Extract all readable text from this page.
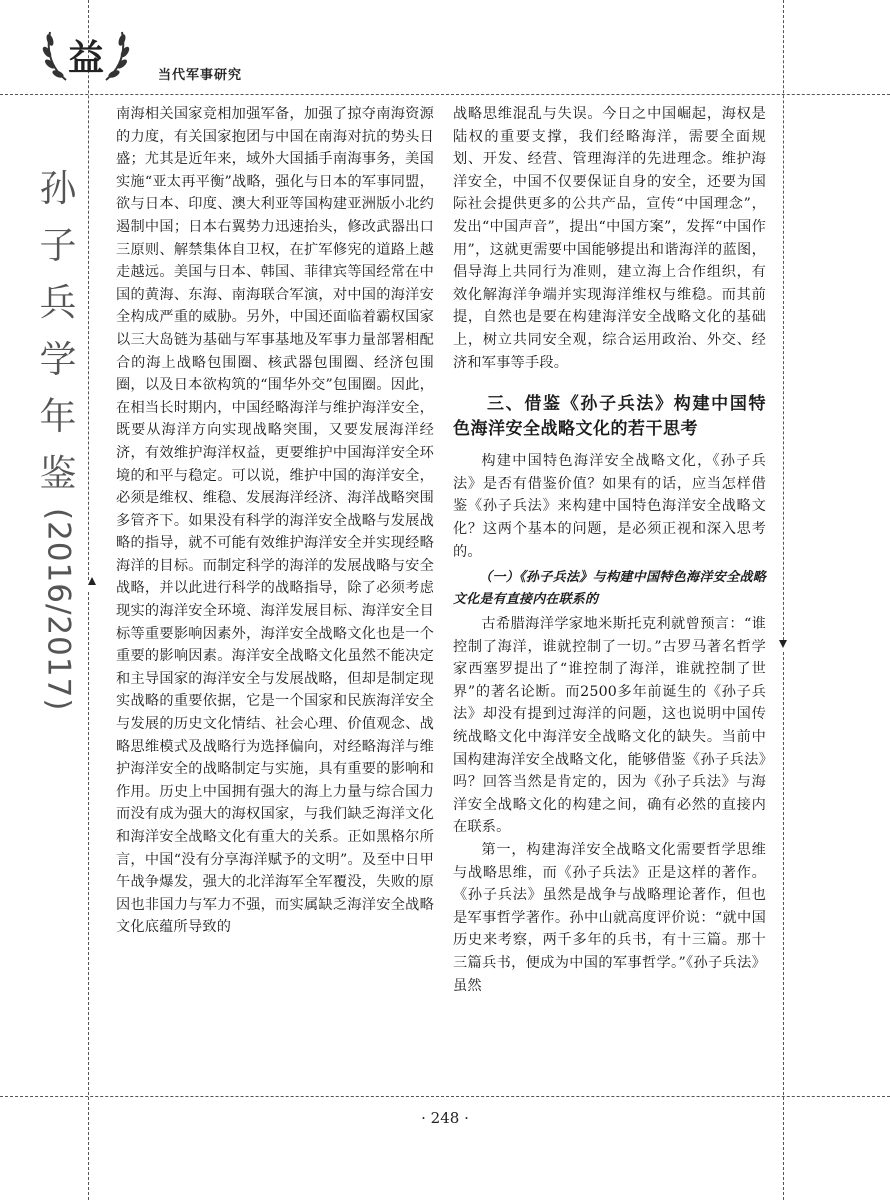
益	当代军事研究
孙
子
兵
学
年
鉴
(2016/2017)

南海相关国家竞相加强军备，加强了掠夺南海资源的力度，有关国家抱团与中国在南海对抗的势头日盛；尤其是近年来，域外大国插手南海事务，美国实施“亚太再平衡”战略，强化与日本的军事同盟，欲与日本、印度、澳大利亚等国构建亚洲版小北约遏制中国；日本右翼势力迅速抬头，修改武器出口三原则、解禁集体自卫权，在扩军修宪的道路上越走越远。美国与日本、韩国、菲律宾等国经常在中国的黄海、东海、南海联合军演，对中国的海洋安全构成严重的威胁。另外，中国还面临着霸权国家以三大岛链为基础与军事基地及军事力量部署相配合的海上战略包围圈、核武器包围圈、经济包围圈，以及日本欲构筑的“围华外交”包围圈。因此，在相当长时期内，中国经略海洋与维护海洋安全，既要从海洋方向实现战略突围，又要发展海洋经济，有效维护海洋权益，更要维护中国海洋安全环境的和平与稳定。可以说，维护中国的海洋安全，必须是维权、维稳、发展海洋经济、海洋战略突围多管齐下。如果没有科学的海洋安全战略与发展战略的指导，就不可能有效维护海洋安全并实现经略海洋的目标。而制定科学的海洋的发展战略与安全战略，并以此进行科学的战略指导，除了必须考虑现实的海洋安全环境、海洋发展目标、海洋安全目标等重要影响因素外，海洋安全战略文化也是一个重要的影响因素。海洋安全战略文化虽然不能决定和主导国家的海洋安全与发展战略，但却是制定现实战略的重要依据，它是一个国家和民族海洋安全与发展的历史文化情结、社会心理、价值观念、战略思维模式及战略行为选择偏向，对经略海洋与维护海洋安全的战略制定与实施，具有重要的影响和作用。历史上中国拥有强大的海上力量与综合国力而没有成为强大的海权国家，与我们缺乏海洋文化和海洋安全战略文化有重大的关系。正如黑格尔所言，中国“没有分享海洋赋予的文明”。及至中日甲午战争爆发，强大的北洋海军全军覆没，失败的原因也非国力与军力不强，而实属缺乏海洋安全战略文化底蕴所导致的

战略思维混乱与失误。今日之中国崛起，海权是陆权的重要支撑，我们经略海洋，需要全面规划、开发、经营、管理海洋的先进理念。维护海洋安全，中国不仅要保证自身的安全，还要为国际社会提供更多的公共产品，宣传“中国理念”，发出“中国声音”，提出“中国方案”，发挥“中国作用”，这就更需要中国能够提出和谐海洋的蓝图，倡导海上共同行为准则，建立海上合作组织，有效化解海洋争端并实现海洋维权与维稳。而其前提，自然也是要在构建海洋安全战略文化的基础上，树立共同安全观，综合运用政治、外交、经济和军事等手段。

三、借鉴《孙子兵法》构建中国特色海洋安全战略文化的若干思考

构建中国特色海洋安全战略文化，《孙子兵法》是否有借鉴价值？如果有的话，应当怎样借鉴《孙子兵法》来构建中国特色海洋安全战略文化？这两个基本的问题，是必须正视和深入思考的。

（一）《孙子兵法》与构建中国特色海洋安全战略文化是有直接内在联系的

古希腊海洋学家地米斯托克利就曾预言：“谁控制了海洋，谁就控制了一切。”古罗马著名哲学家西塞罗提出了“谁控制了海洋，谁就控制了世界”的著名论断。而2500多年前诞生的《孙子兵法》却没有提到过海洋的问题，这也说明中国传统战略文化中海洋安全战略文化的缺失。当前中国构建海洋安全战略文化，能够借鉴《孙子兵法》吗？回答当然是肯定的，因为《孙子兵法》与海洋安全战略文化的构建之间，确有必然的直接内在联系。

第一，构建海洋安全战略文化需要哲学思维与战略思维，而《孙子兵法》正是这样的著作。《孙子兵法》虽然是战争与战略理论著作，但也是军事哲学著作。孙中山就高度评价说：“就中国历史来考察，两千多年的兵书，有十三篇。那十三篇兵书，便成为中国的军事哲学。”《孙子兵法》虽然

· 248 ·
